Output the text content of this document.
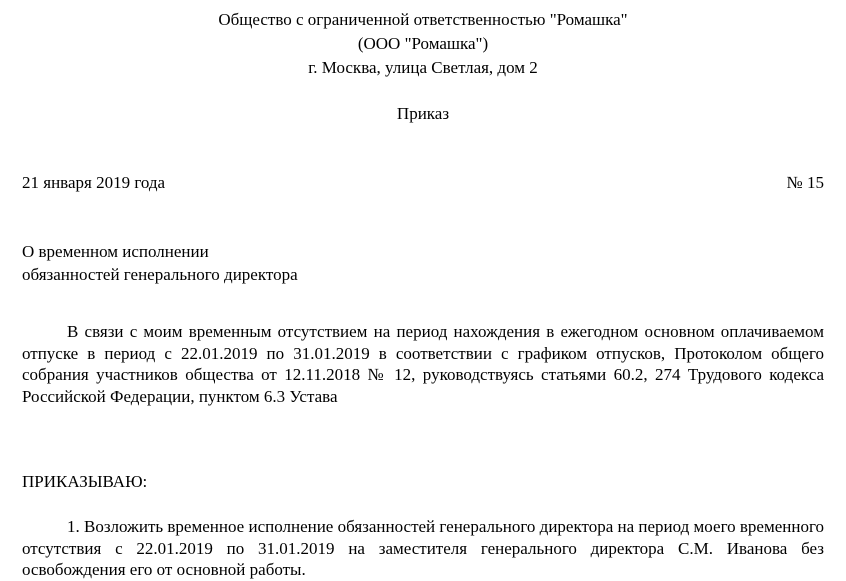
Общество с ограниченной ответственностью "Ромашка"
(ООО "Ромашка")
г. Москва, улица Светлая, дом 2
Приказ
21 января 2019 года	№ 15
О временном исполнении
обязанностей генерального директора
В связи с моим временным отсутствием на период нахождения в ежегодном основном оплачиваемом отпуске в период с 22.01.2019 по 31.01.2019 в соответствии с графиком отпусков, Протоколом общего собрания участников общества от 12.11.2018 № 12, руководствуясь статьями 60.2, 274 Трудового кодекса Российской Федерации, пунктом 6.3 Устава
ПРИКАЗЫВАЮ:
1. Возложить временное исполнение обязанностей генерального директора на период моего временного отсутствия с 22.01.2019 по 31.01.2019 на заместителя генерального директора С.М. Иванова без освобождения его от основной работы.
